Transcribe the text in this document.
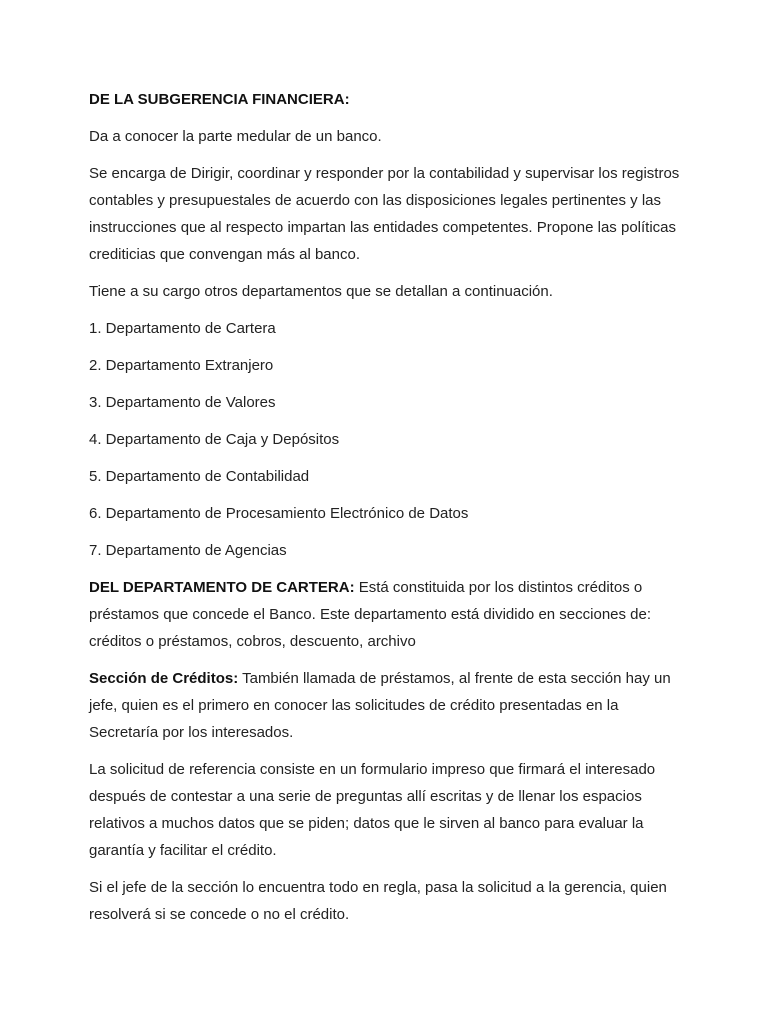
DE LA SUBGERENCIA FINANCIERA:

Da a conocer la parte medular de un banco.

Se encarga de Dirigir, coordinar y responder por la contabilidad y supervisar los registros contables y presupuestales de acuerdo con las disposiciones legales pertinentes y las instrucciones que al respecto impartan las entidades competentes. Propone las políticas crediticias que convengan más al banco.

Tiene a su cargo otros departamentos que se detallan a continuación.

1. Departamento de Cartera

2. Departamento Extranjero

3. Departamento de Valores

4. Departamento de Caja y Depósitos

5. Departamento de Contabilidad

6. Departamento de Procesamiento Electrónico de Datos

7. Departamento de Agencias

DEL DEPARTAMENTO DE CARTERA: Está constituida por los distintos créditos o préstamos que concede el Banco. Este departamento está dividido en secciones de: créditos o préstamos, cobros, descuento, archivo

Sección de Créditos: También llamada de préstamos, al frente de esta sección hay un jefe, quien es el primero en conocer las solicitudes de crédito presentadas en la Secretaría por los interesados.

La solicitud de referencia consiste en un formulario impreso que firmará el interesado después de contestar a una serie de preguntas allí escritas y de llenar los espacios relativos a muchos datos que se piden; datos que le sirven al banco para evaluar la garantía y facilitar el crédito.

Si el jefe de la sección lo encuentra todo en regla, pasa la solicitud a la gerencia, quien resolverá si se concede o no el crédito.
